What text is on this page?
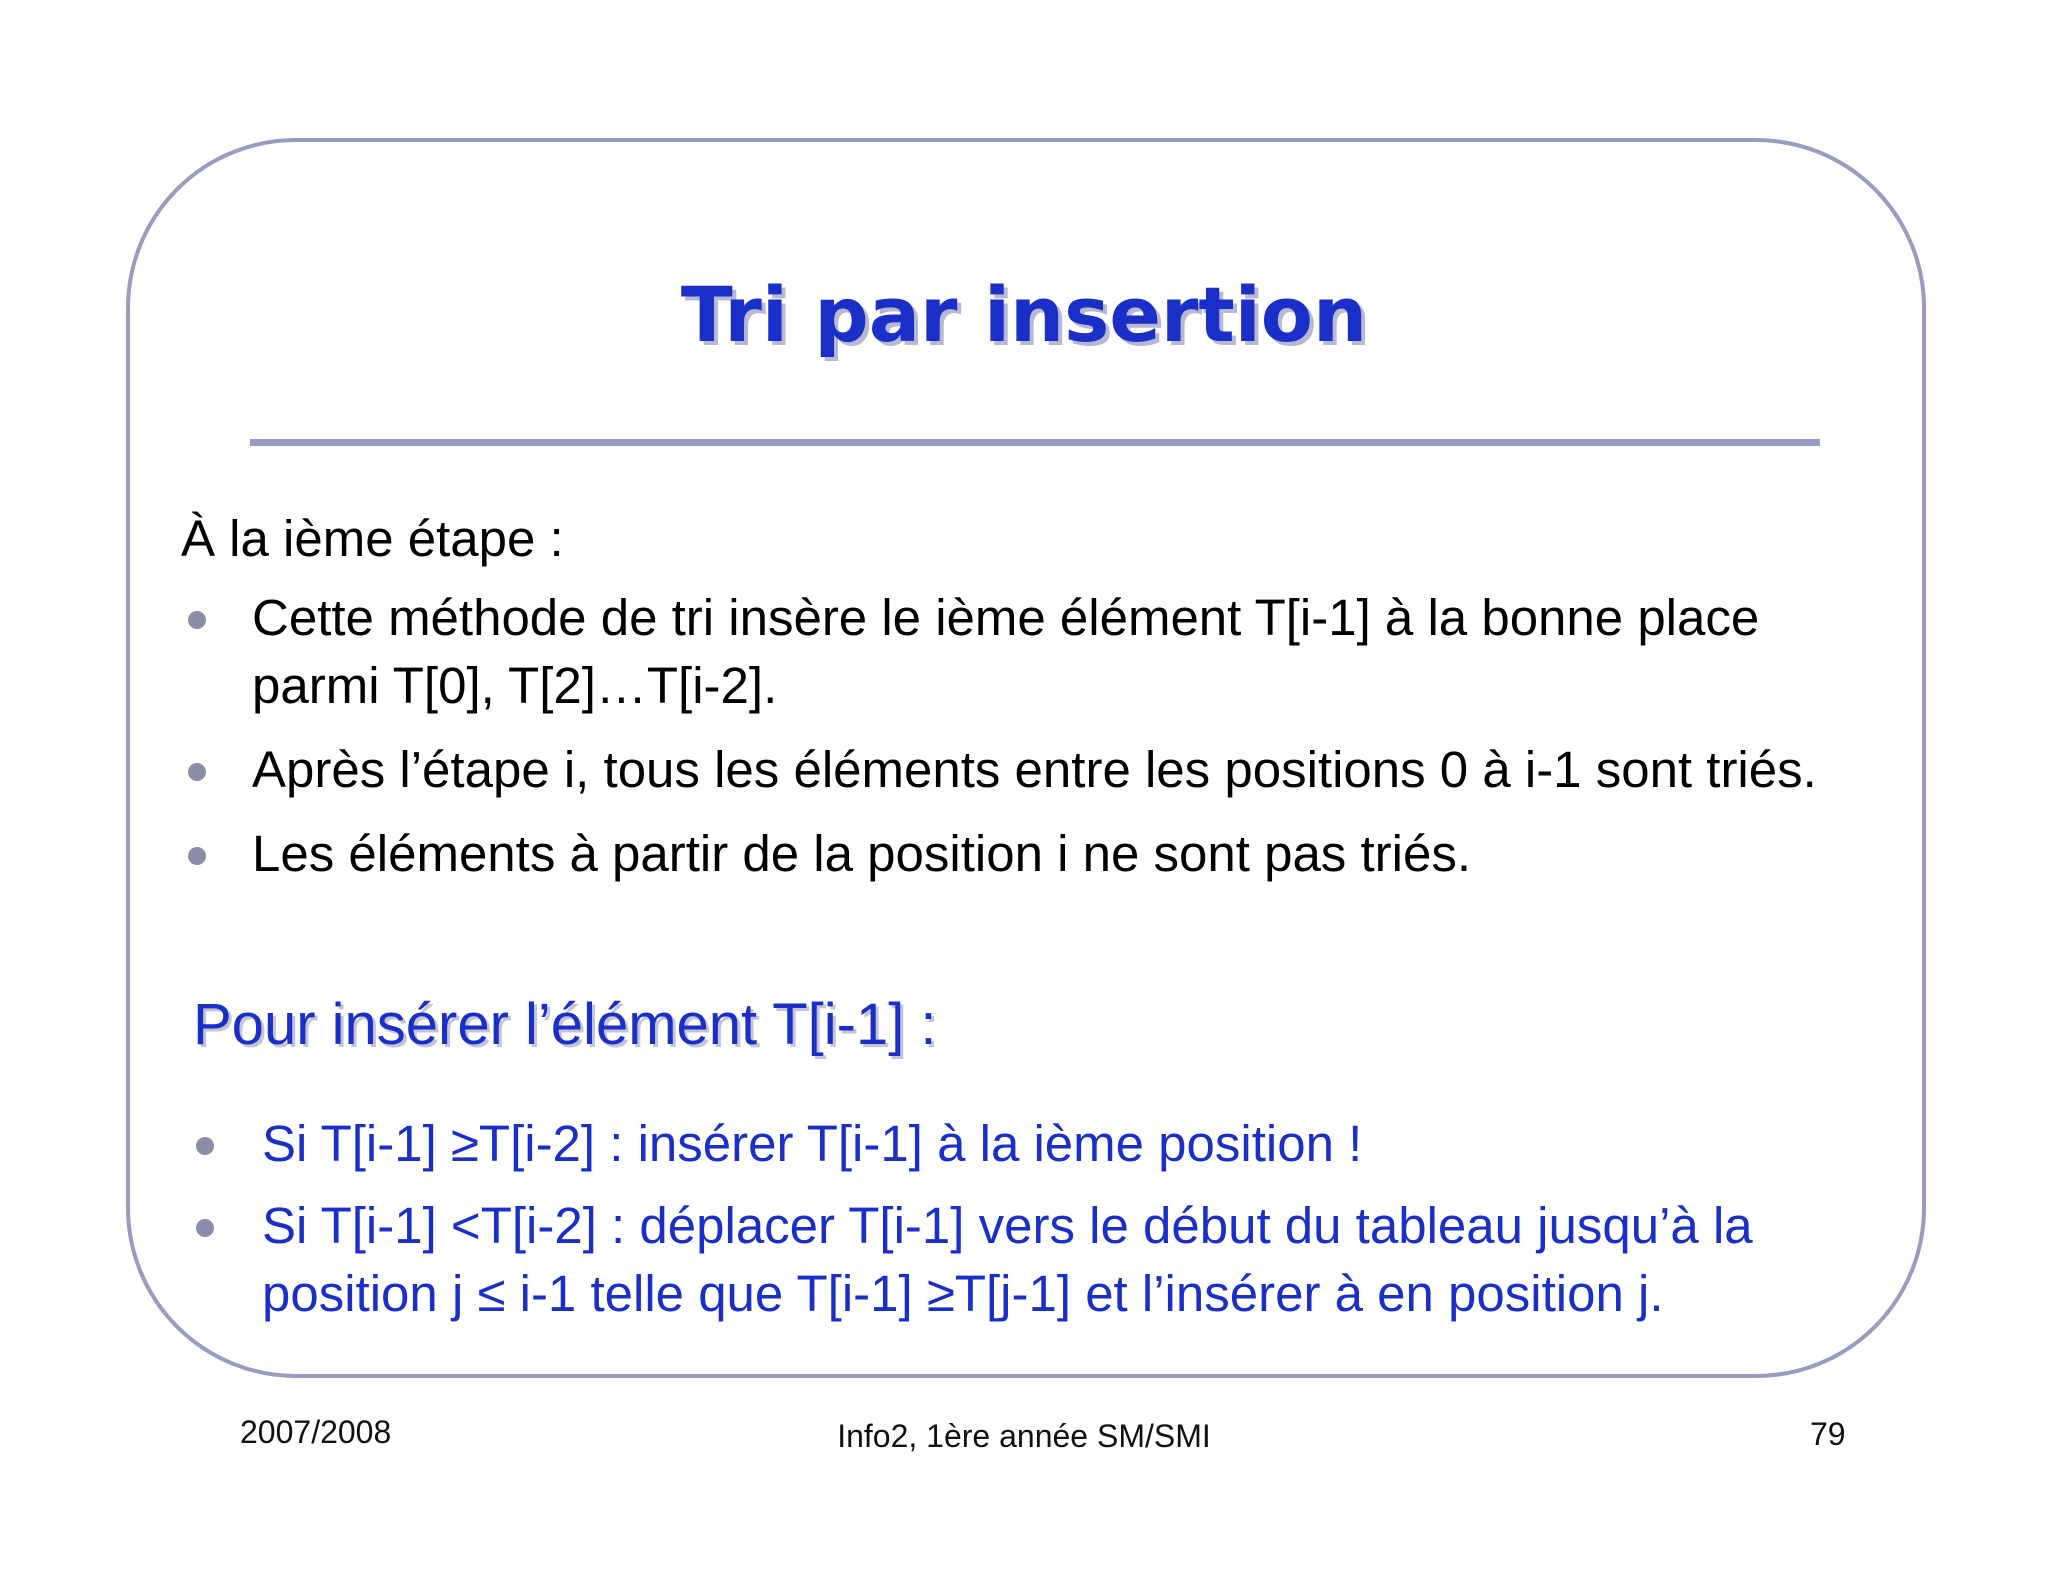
Tri par insertion

À la ième étape :

Cette méthode de tri insère le ième élément T[i-1] à la bonne place parmi T[0], T[2]…T[i-2].
Après l’étape i, tous les éléments entre les positions 0 à i-1 sont triés.
Les éléments à partir de la position i ne sont pas triés.

Pour insérer l’élément T[i-1] :

Si T[i-1] ≥T[i-2] : insérer T[i-1] à la ième position !
Si T[i-1] <T[i-2] : déplacer T[i-1] vers le début du tableau jusqu’à la position j ≤ i-1 telle que T[i-1] ≥T[j-1] et l’insérer à en position j.

2007/2008	Info2, 1ère année SM/SMI	79
